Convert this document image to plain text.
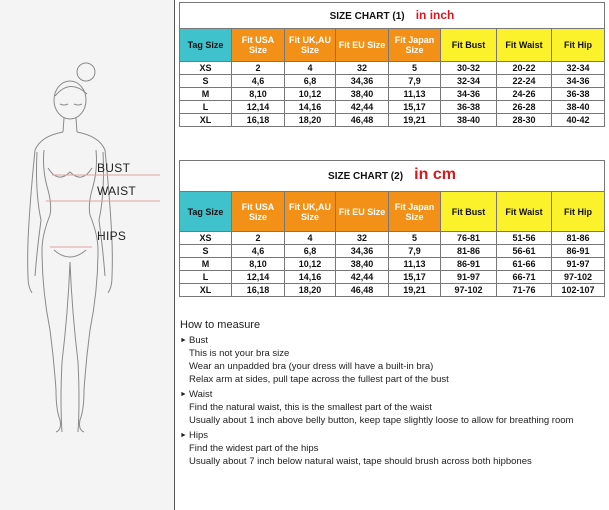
BUST
WAIST
HIPS
SIZE CHART (1) in inch							
Tag Size	Fit USA Size	Fit UK,AU Size	Fit EU Size	Fit Japan Size	Fit Bust	Fit Waist	Fit Hip
XS	2	4	32	5	30-32	20-22	32-34
S	4,6	6,8	34,36	7,9	32-34	22-24	34-36
M	8,10	10,12	38,40	11,13	34-36	24-26	36-38
L	12,14	14,16	42,44	15,17	36-38	26-28	38-40
XL	16,18	18,20	46,48	19,21	38-40	28-30	40-42
SIZE CHART (2) in cm							
Tag Size	Fit USA Size	Fit UK,AU Size	Fit EU Size	Fit Japan Size	Fit Bust	Fit Waist	Fit Hip
XS	2	4	32	5	76-81	51-56	81-86
S	4,6	6,8	34,36	7,9	81-86	56-61	86-91
M	8,10	10,12	38,40	11,13	86-91	61-66	91-97
L	12,14	14,16	42,44	15,17	91-97	66-71	97-102
XL	16,18	18,20	46,48	19,21	97-102	71-76	102-107
How to measure
► Bust
This is not your bra size
Wear an unpadded bra (your dress will have a built-in bra)
Relax arm at sides, pull tape across the fullest part of the bust
► Waist
Find the natural waist, this is the smallest part of the waist
Usually about 1 inch above belly button, keep tape slightly loose to allow for breathing room
► Hips
Find the widest part of the hips
Usually about 7 inch below natural waist, tape should brush across both hipbones
